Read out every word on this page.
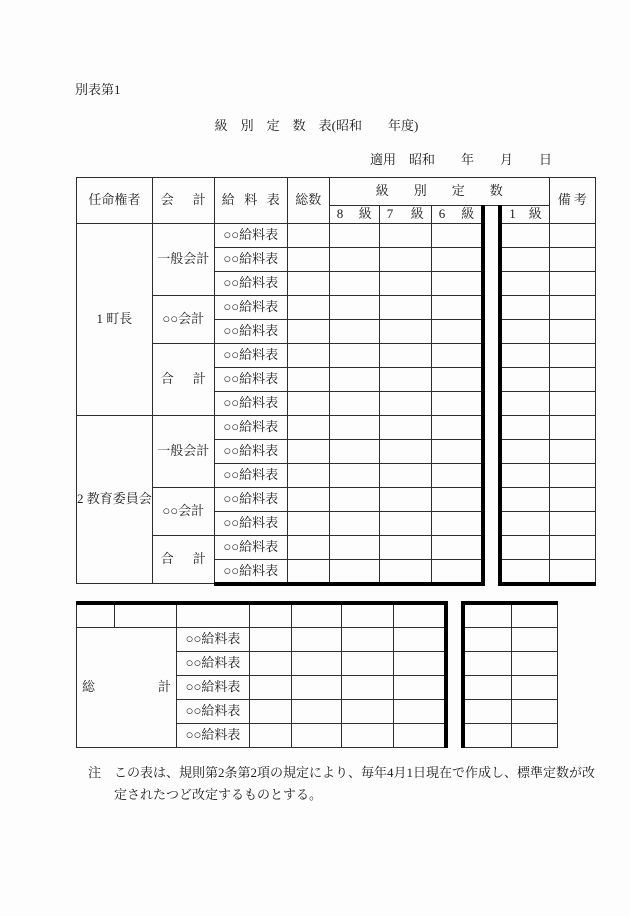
別表第1
級　別　定　数　表(昭和　　年度)
適用　昭和　　年　　月　　日
任命権者	会計	給料表	総数	級別定数					備考
				8級	7級	6級		1級	
1 町長	一般会計	○○給料表							
		○○給料表							
		○○給料表							
	○○会計	○○給料表							
		○○給料表							
	合計	○○給料表							
		○○給料表							
		○○給料表							
2 教育委員会	一般会計	○○給料表							
		○○給料表							
		○○給料表							
	○○会計	○○給料表							
		○○給料表							
	合計	○○給料表							
		○○給料表							

総計		○○給料表							
		○○給料表							
		○○給料表							
		○○給料表							
		○○給料表							
注　この表は、規則第2条第2項の規定により、毎年4月1日現在で作成し、標準定数が改
定されたつど改定するものとする。
